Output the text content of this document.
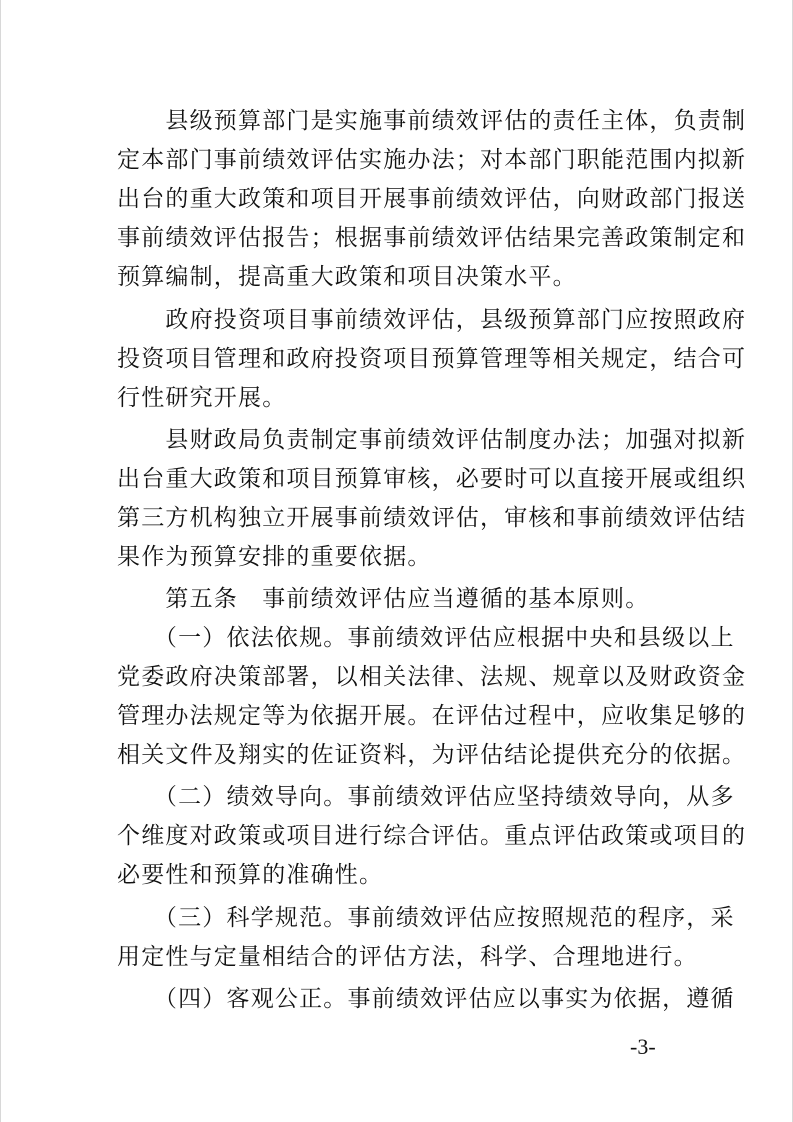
　　县级预算部门是实施事前绩效评估的责任主体，负责制
定本部门事前绩效评估实施办法；对本部门职能范围内拟新
出台的重大政策和项目开展事前绩效评估，向财政部门报送
事前绩效评估报告；根据事前绩效评估结果完善政策制定和
预算编制，提高重大政策和项目决策水平。
　　政府投资项目事前绩效评估，县级预算部门应按照政府
投资项目管理和政府投资项目预算管理等相关规定，结合可
行性研究开展。
　　县财政局负责制定事前绩效评估制度办法；加强对拟新
出台重大政策和项目预算审核，必要时可以直接开展或组织
第三方机构独立开展事前绩效评估，审核和事前绩效评估结
果作为预算安排的重要依据。
　　第五条　事前绩效评估应当遵循的基本原则。
　　（一）依法依规。事前绩效评估应根据中央和县级以上
党委政府决策部署，以相关法律、法规、规章以及财政资金
管理办法规定等为依据开展。在评估过程中，应收集足够的
相关文件及翔实的佐证资料，为评估结论提供充分的依据。
　　（二）绩效导向。事前绩效评估应坚持绩效导向，从多
个维度对政策或项目进行综合评估。重点评估政策或项目的
必要性和预算的准确性。
　　（三）科学规范。事前绩效评估应按照规范的程序，采
用定性与定量相结合的评估方法，科学、合理地进行。
　　（四）客观公正。事前绩效评估应以事实为依据，遵循
-3-
